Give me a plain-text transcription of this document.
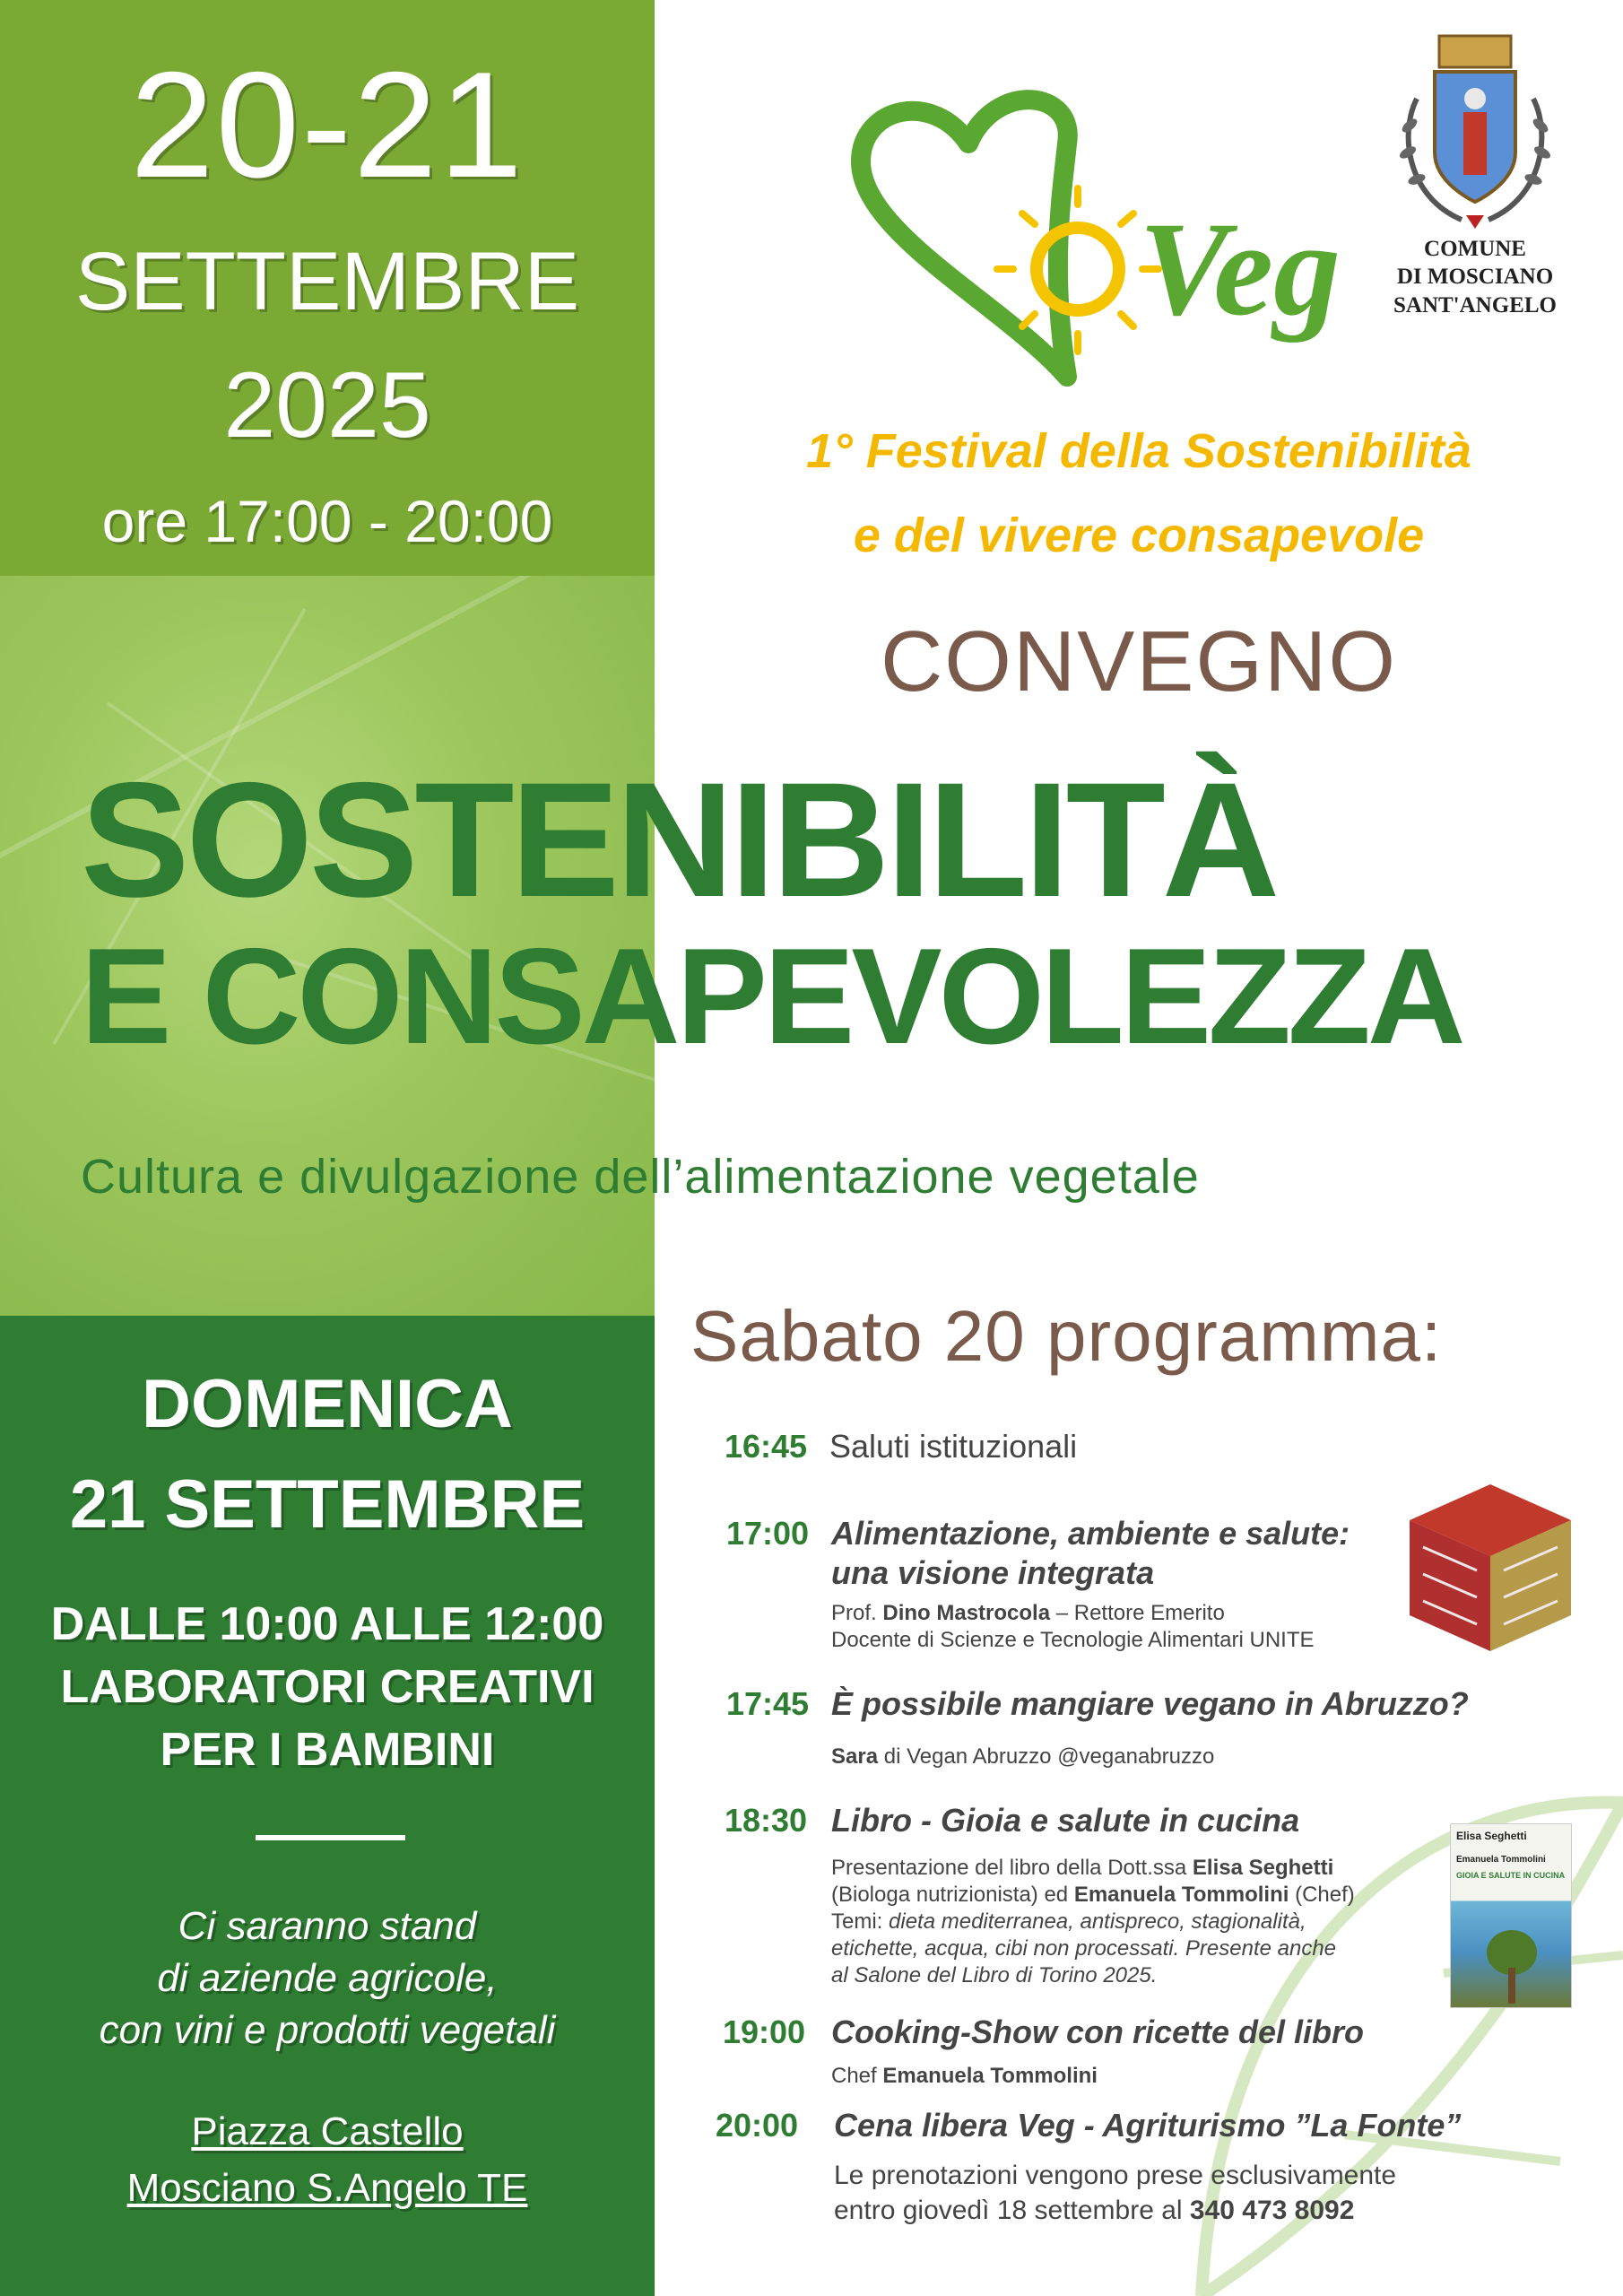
20-21
SETTEMBRE
2025
ore 17:00 - 20:00
Veg	COMUNE
DI MOSCIANO
SANT'ANGELO
1° Festival della Sostenibilità
e del vivere consapevole
CONVEGNO
SOSTENIBILITÀ
E CONSAPEVOLEZZA
Cultura e divulgazione dell’alimentazione vegetale
Sabato 20 programma:
DOMENICA
21 SETTEMBRE
DALLE 10:00 ALLE 12:00
LABORATORI CREATIVI
PER I BAMBINI
Ci saranno stand
di aziende agricole,
con vini e prodotti vegetali
Piazza Castello
Mosciano S.Angelo TE
16:45 Saluti istituzionali
17:00 Alimentazione, ambiente e salute:
una visione integrata
Prof. Dino Mastrocola – Rettore Emerito
Docente di Scienze e Tecnologie Alimentari UNITE
17:45 È possibile mangiare vegano in Abruzzo?
Sara di Vegan Abruzzo @veganabruzzo
18:30 Libro - Gioia e salute in cucina
Presentazione del libro della Dott.ssa Elisa Seghetti
(Biologa nutrizionista) ed Emanuela Tommolini (Chef)
Temi: dieta mediterranea, antispreco, stagionalità,
etichette, acqua, cibi non processati. Presente anche
al Salone del Libro di Torino 2025.
19:00 Cooking-Show con ricette del libro
Chef Emanuela Tommolini
20:00 Cena libera Veg - Agriturismo ”La Fonte”
Le prenotazioni vengono prese esclusivamente
entro giovedì 18 settembre al 340 473 8092
Elisa Seghetti
Emanuela Tommolini
GIOIA E SALUTE IN CUCINA
